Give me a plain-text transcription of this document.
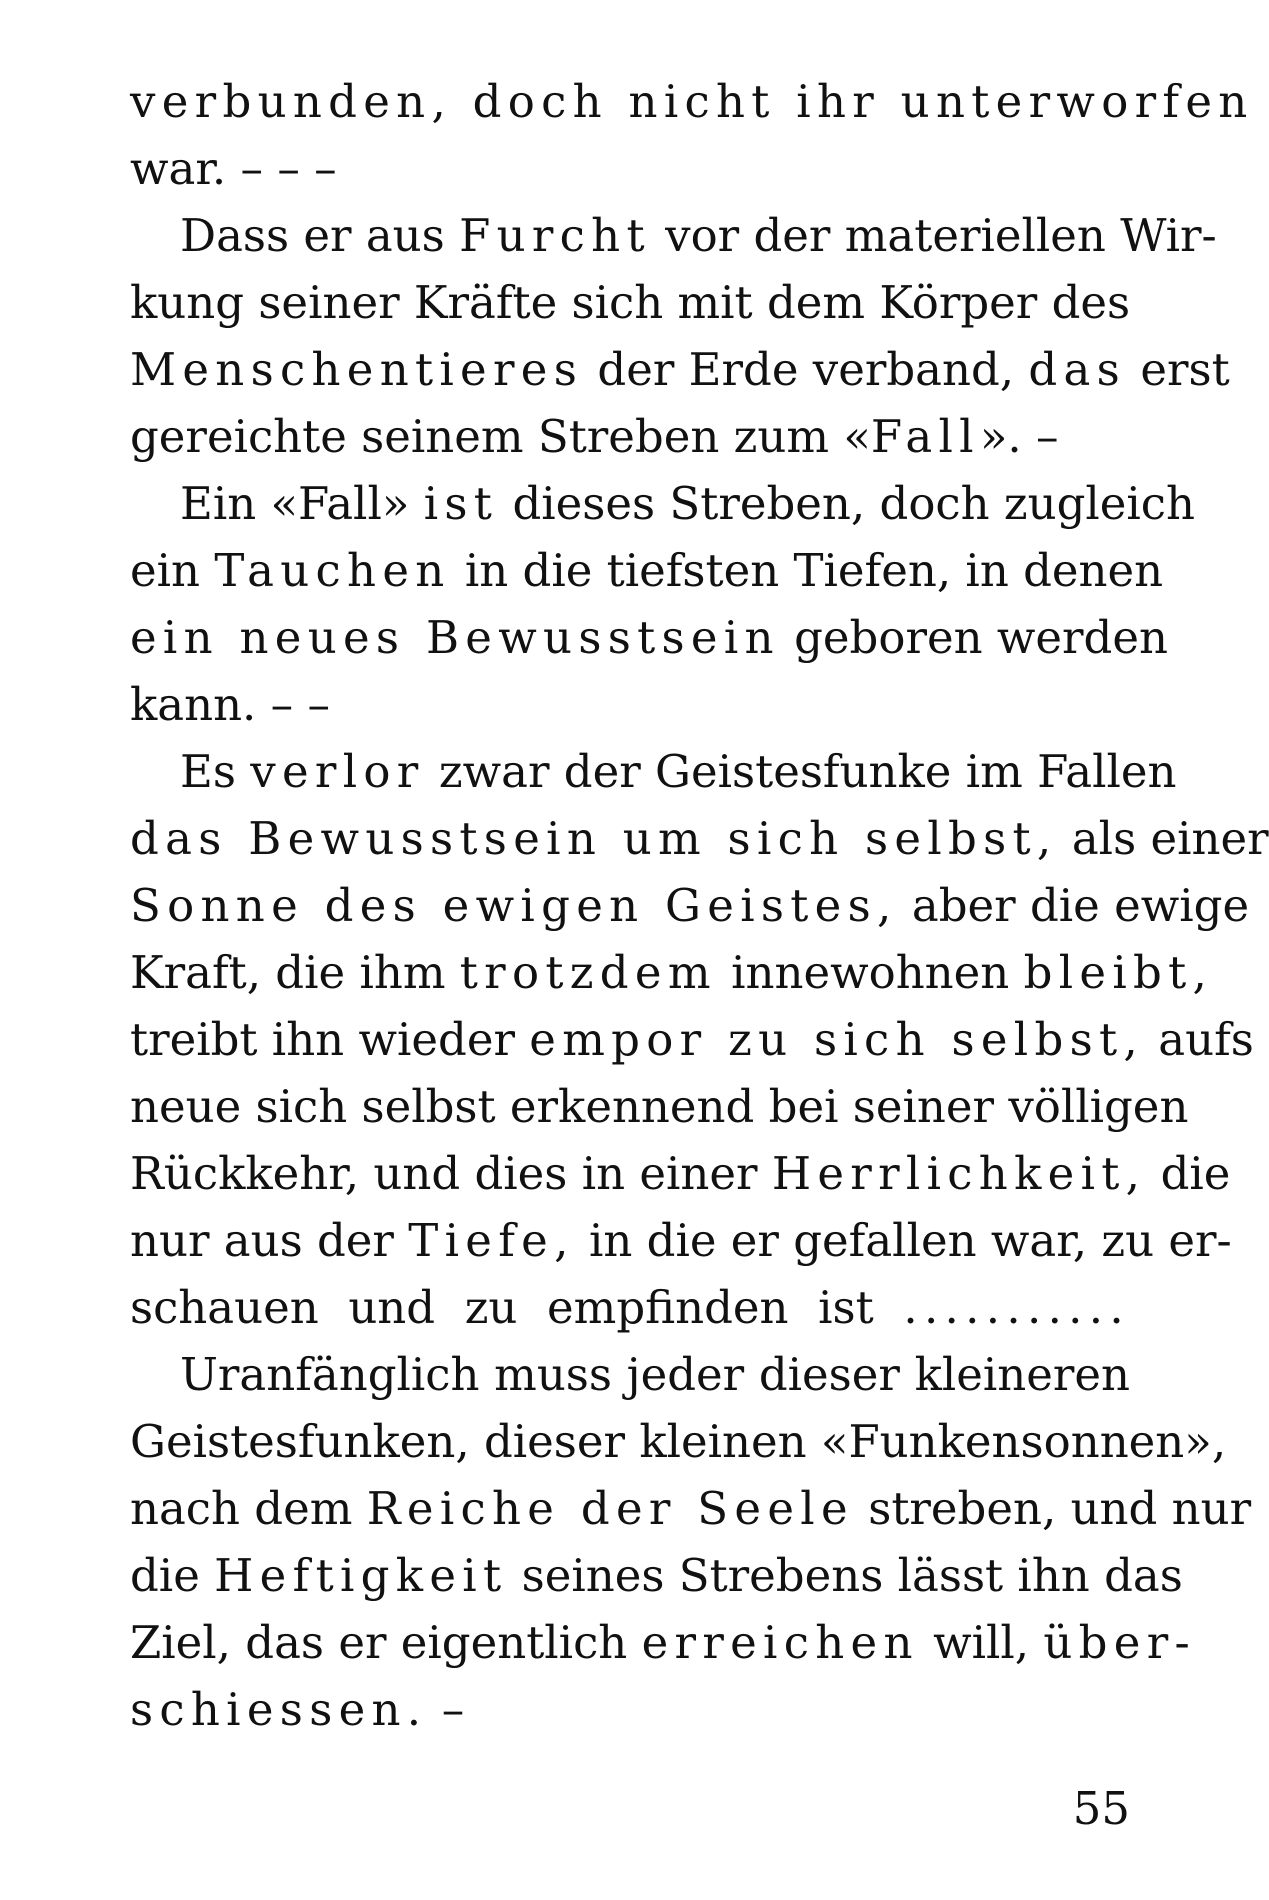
verbunden, doch nicht ihr unterworfen
war. – – –
Dass er aus Furcht vor der materiellen Wir-
kung seiner Kräfte sich mit dem Körper des
Menschentieres der Erde verband, das erst
gereichte seinem Streben zum «Fall». –
Ein «Fall» ist dieses Streben, doch zugleich
ein Tauchen in die tiefsten Tiefen, in denen
ein neues Bewusstsein geboren werden
kann. – –
Es verlor zwar der Geistesfunke im Fallen
das Bewusstsein um sich selbst, als einer
Sonne des ewigen Geistes, aber die ewige
Kraft, die ihm trotzdem innewohnen bleibt,
treibt ihn wieder empor zu sich selbst, aufs
neue sich selbst erkennend bei seiner völligen
Rückkehr, und dies in einer Herrlichkeit, die
nur aus der Tiefe, in die er gefallen war, zu er-
schauen und zu empfinden ist ...........
Uranfänglich muss jeder dieser kleineren
Geistesfunken, dieser kleinen «Funkensonnen»,
nach dem Reiche der Seele streben, und nur
die Heftigkeit seines Strebens lässt ihn das
Ziel, das er eigentlich erreichen will, über-
schiessen. –
55
